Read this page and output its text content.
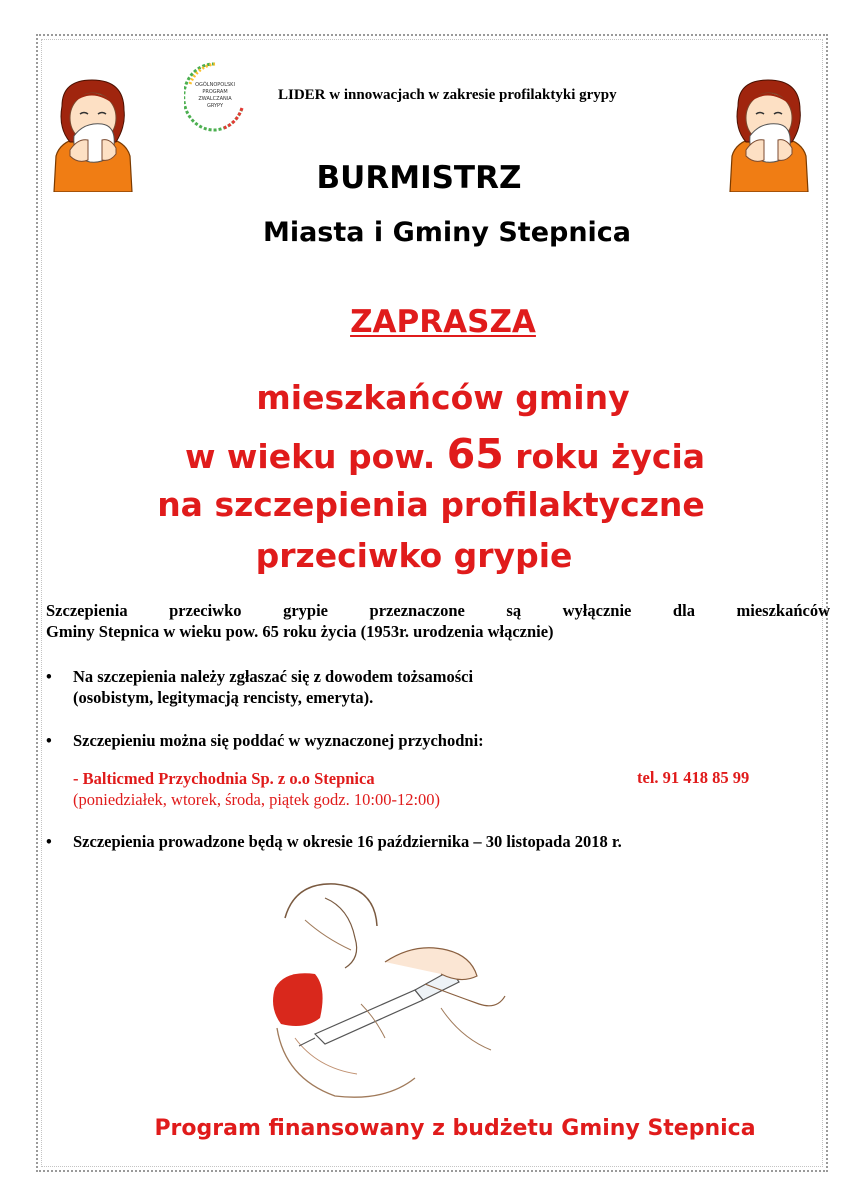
OGÓLNOPOLSKI
PROGRAM
ZWALCZANIA
GRYPY
LIDER w innowacjach w zakresie profilaktyki grypy
BURMISTRZ
Miasta i Gminy Stepnica
ZAPRASZA
mieszkańców gminy
w wieku pow. 65 roku życia
na szczepienia profilaktyczne
przeciwko grypie
Szczepienia przeciwko grypie przeznaczone są wyłącznie dla mieszkańców
Gminy Stepnica w wieku pow. 65 roku życia (1953r. urodzenia włącznie)
• Na szczepienia należy zgłaszać się z dowodem tożsamości
(osobistym, legitymacją rencisty, emeryta).
• Szczepieniu można się poddać w wyznaczonej przychodni:
- Balticmed Przychodnia Sp. z o.o Stepnica
(poniedziałek, wtorek, środa, piątek godz. 10:00-12:00)
tel. 91 418 85 99
• Szczepienia prowadzone będą w okresie 16 października – 30 listopada 2018 r.
Program finansowany z budżetu Gminy Stepnica
